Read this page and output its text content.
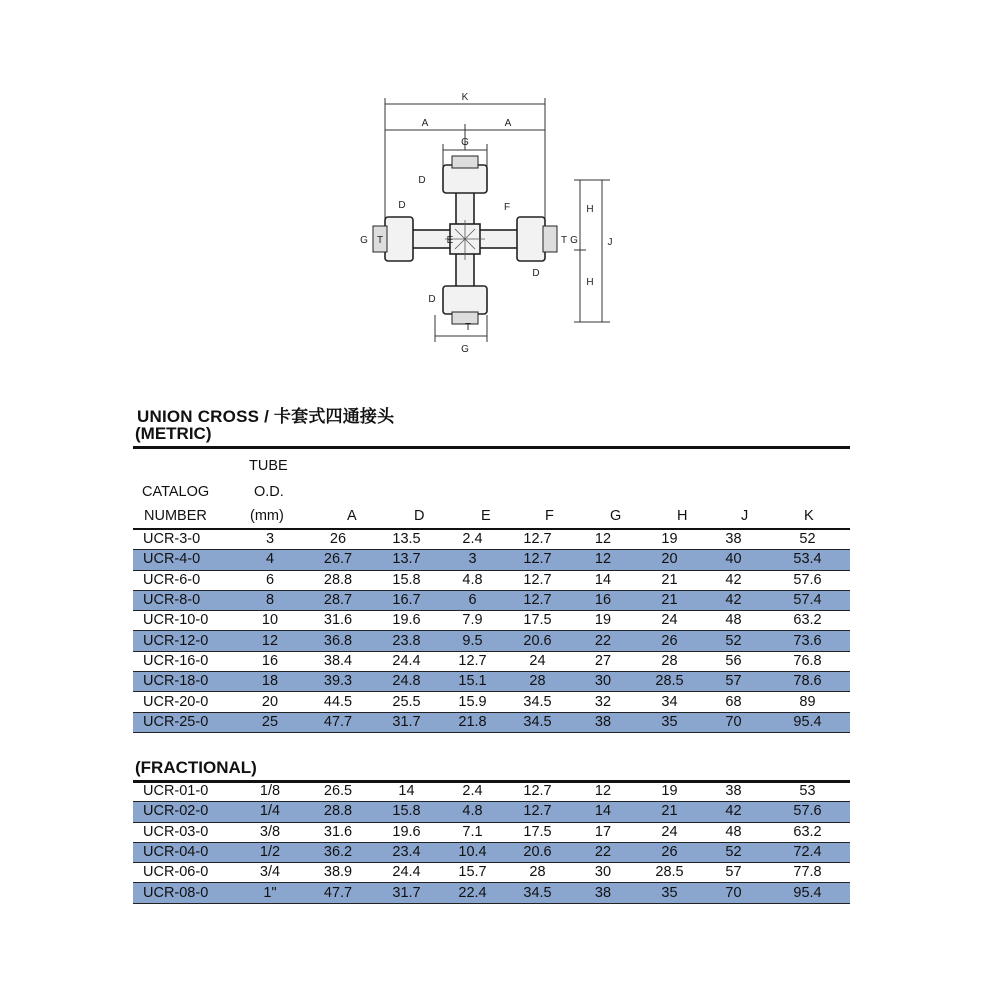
K
A	A
G
D
D	F
G T	E	T G
D
H
H
J
D
T
G
UNION CROSS / 卡套式四通接头
(METRIC)
TUBE
CATALOG	O.D.
NUMBER	(mm)	A	D	E	F	G	H	J	K
UCR-3-0	3	26	13.5	2.4	12.7	12	19	38	52
UCR-4-0	4	26.7	13.7	3	12.7	12	20	40	53.4
UCR-6-0	6	28.8	15.8	4.8	12.7	14	21	42	57.6
UCR-8-0	8	28.7	16.7	6	12.7	16	21	42	57.4
UCR-10-0	10	31.6	19.6	7.9	17.5	19	24	48	63.2
UCR-12-0	12	36.8	23.8	9.5	20.6	22	26	52	73.6
UCR-16-0	16	38.4	24.4	12.7	24	27	28	56	76.8
UCR-18-0	18	39.3	24.8	15.1	28	30	28.5	57	78.6
UCR-20-0	20	44.5	25.5	15.9	34.5	32	34	68	89
UCR-25-0	25	47.7	31.7	21.8	34.5	38	35	70	95.4
(FRACTIONAL)
UCR-01-0	1/8	26.5	14	2.4	12.7	12	19	38	53
UCR-02-0	1/4	28.8	15.8	4.8	12.7	14	21	42	57.6
UCR-03-0	3/8	31.6	19.6	7.1	17.5	17	24	48	63.2
UCR-04-0	1/2	36.2	23.4	10.4	20.6	22	26	52	72.4
UCR-06-0	3/4	38.9	24.4	15.7	28	30	28.5	57	77.8
UCR-08-0	1"	47.7	31.7	22.4	34.5	38	35	70	95.4
